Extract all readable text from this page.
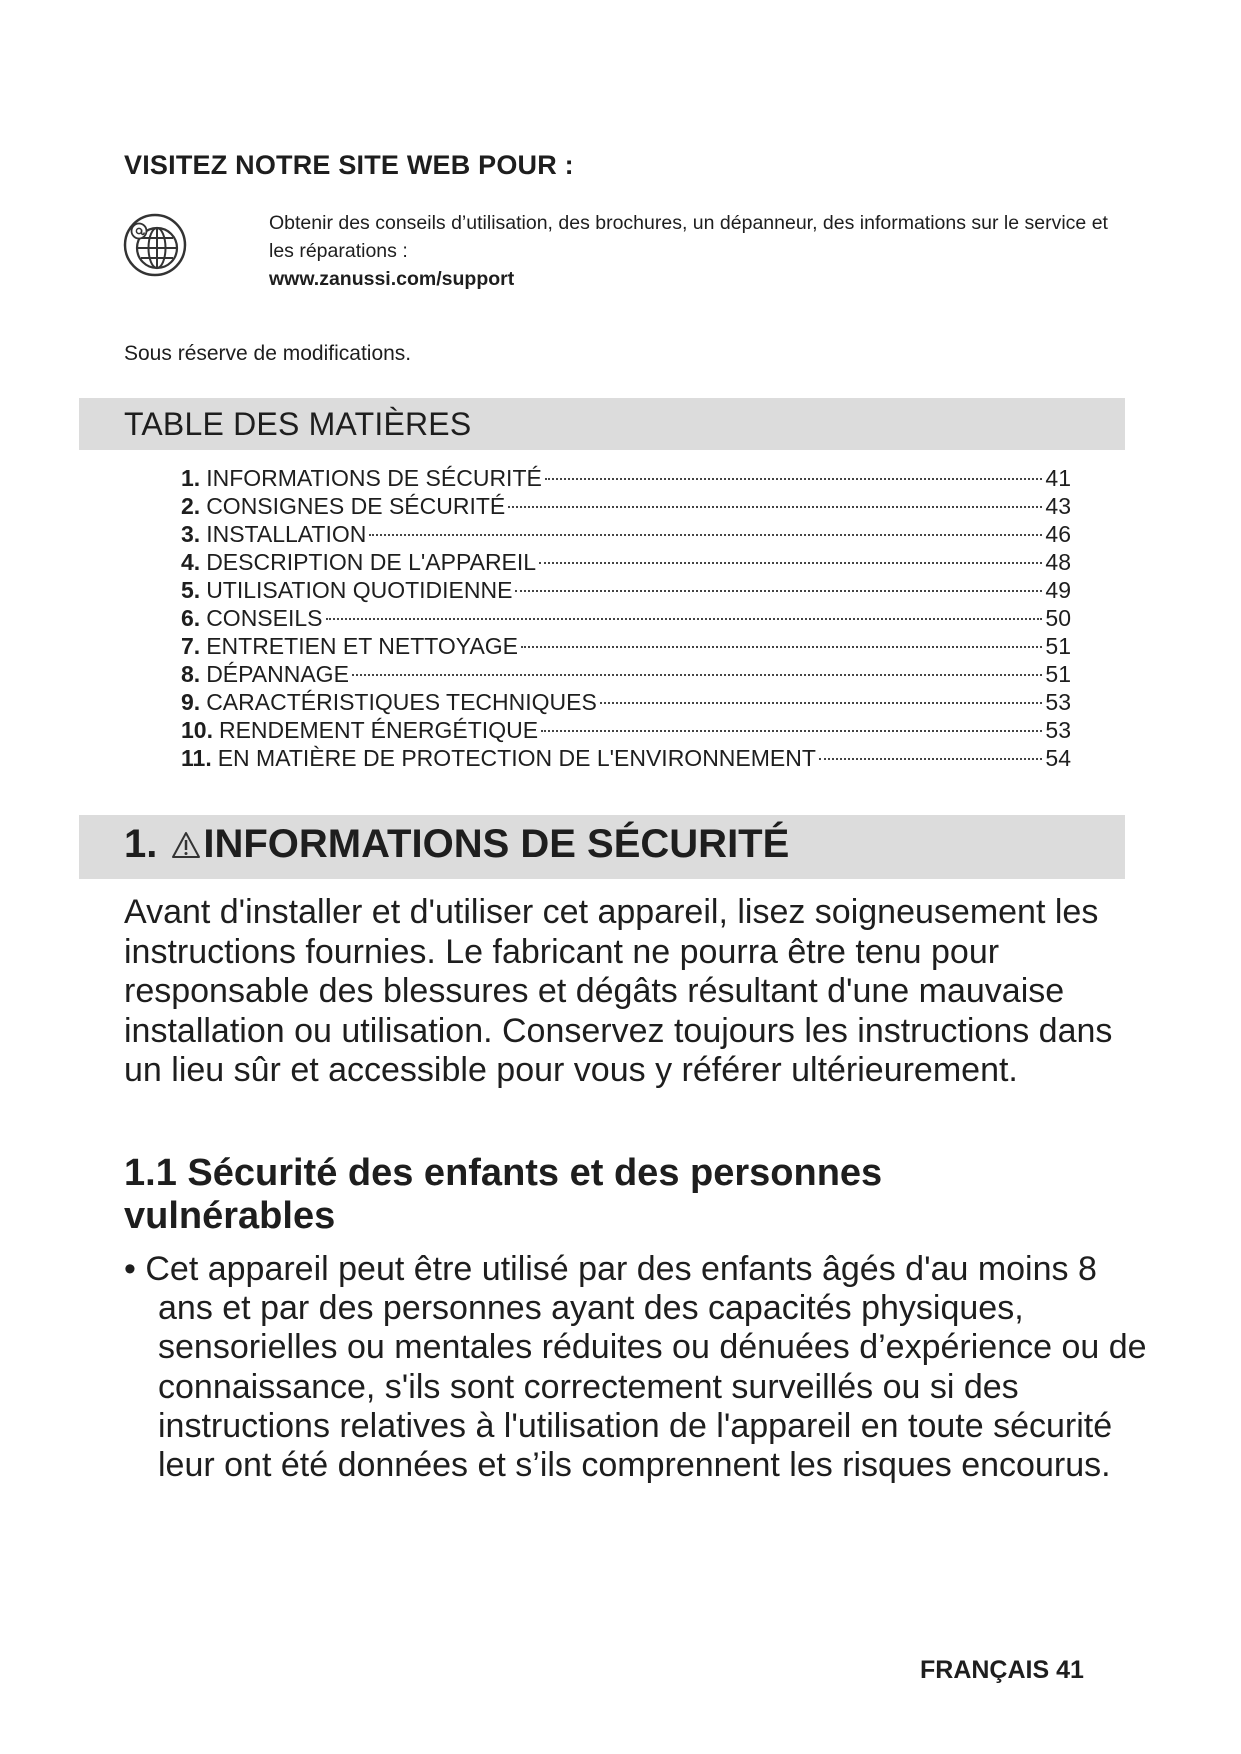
VISITEZ NOTRE SITE WEB POUR :
Obtenir des conseils d’utilisation, des brochures, un dépanneur, des informations sur le service et les réparations :
www.zanussi.com/support
Sous réserve de modifications.
TABLE DES MATIÈRES
1. INFORMATIONS DE SÉCURITÉ	41
2. CONSIGNES DE SÉCURITÉ	43
3. INSTALLATION	46
4. DESCRIPTION DE L'APPAREIL	48
5. UTILISATION QUOTIDIENNE	49
6. CONSEILS	50
7. ENTRETIEN ET NETTOYAGE	51
8. DÉPANNAGE	51
9. CARACTÉRISTIQUES TECHNIQUES	53
10. RENDEMENT ÉNERGÉTIQUE	53
11. EN MATIÈRE DE PROTECTION DE L'ENVIRONNEMENT	54
1. INFORMATIONS DE SÉCURITÉ

Avant d'installer et d'utiliser cet appareil, lisez soigneusement les instructions fournies. Le fabricant ne pourra être tenu pour responsable des blessures et dégâts résultant d'une mauvaise installation ou utilisation. Conservez toujours les instructions dans un lieu sûr et accessible pour vous y référer ultérieurement.

1.1 Sécurité des enfants et des personnes vulnérables

• Cet appareil peut être utilisé par des enfants âgés d'au moins 8 ans et par des personnes ayant des capacités physiques, sensorielles ou mentales réduites ou dénuées d’expérience ou de connaissance, s'ils sont correctement surveillés ou si des instructions relatives à l'utilisation de l'appareil en toute sécurité leur ont été données et s’ils comprennent les risques encourus.

FRANÇAIS 41
